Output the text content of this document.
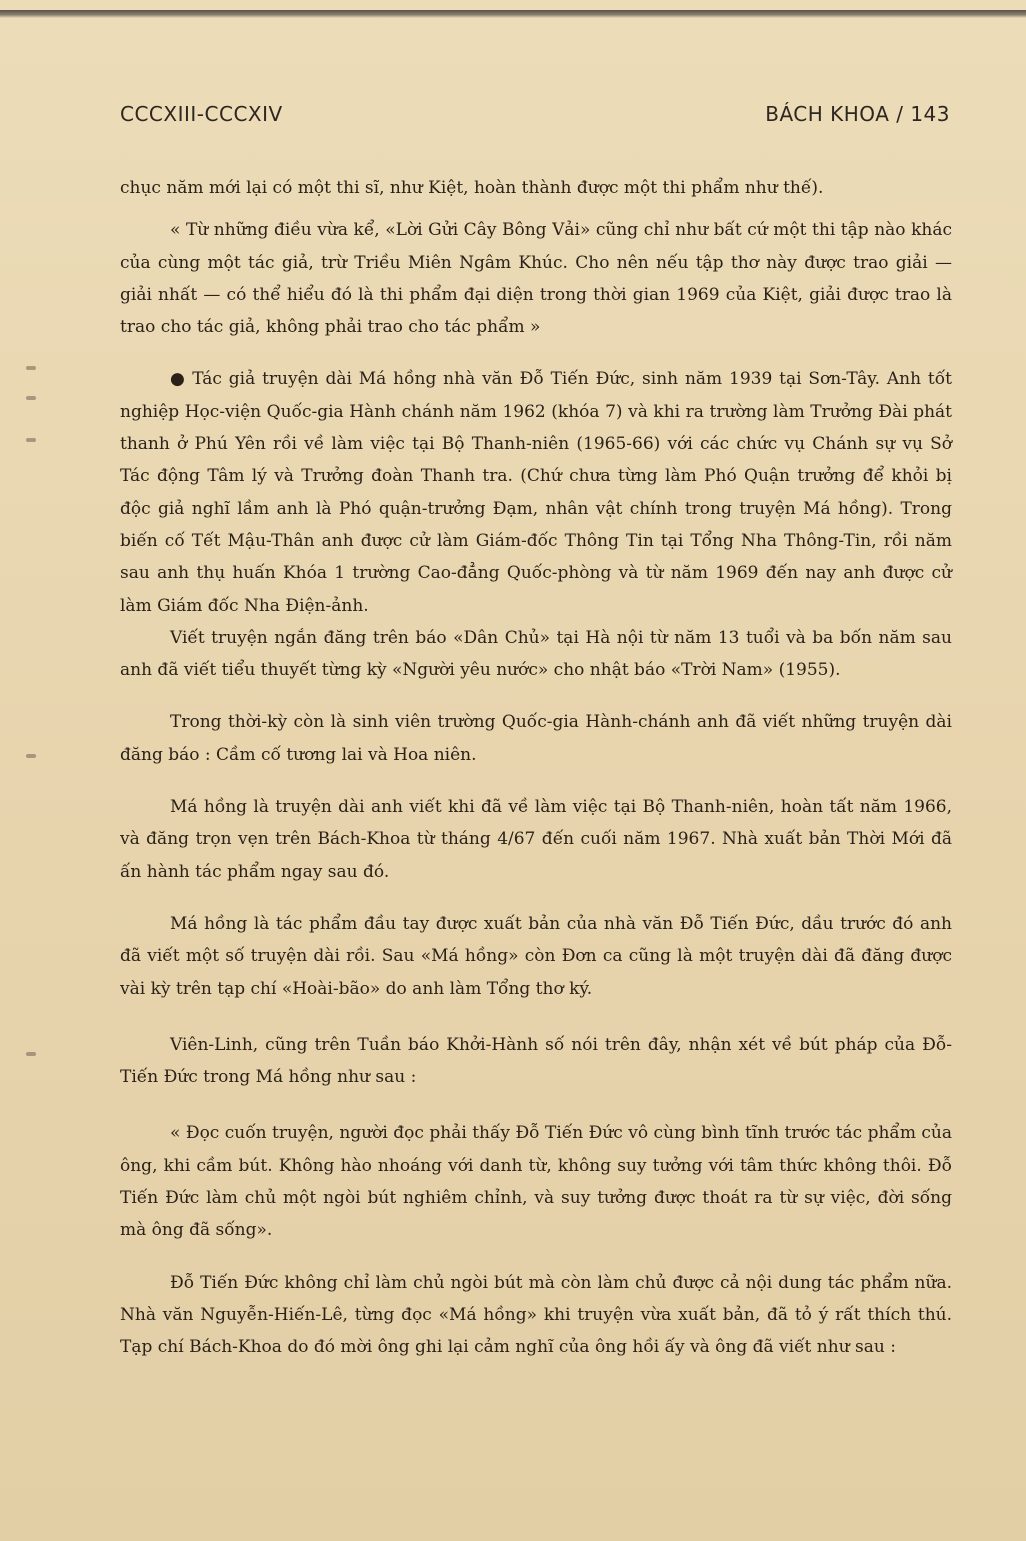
CCCXIII-CCCXIV	BÁCH KHOA / 143

chục năm mới lại có một thi sĩ, như Kiệt, hoàn thành được một thi phẩm như thế).

« Từ những điều vừa kể, «Lời Gửi Cây Bông Vải» cũng chỉ như bất cứ một thi tập nào khác của cùng một tác giả, trừ Triều Miên Ngâm Khúc. Cho nên nếu tập thơ này được trao giải — giải nhất — có thể hiểu đó là thi phẩm đại diện trong thời gian 1969 của Kiệt, giải được trao là trao cho tác giả, không phải trao cho tác phẩm »

● Tác giả truyện dài Má hồng nhà văn Đỗ Tiến Đức, sinh năm 1939 tại Sơn-Tây. Anh tốt nghiệp Học-viện Quốc-gia Hành chánh năm 1962 (khóa 7) và khi ra trường làm Trưởng Đài phát thanh ở Phú Yên rồi về làm việc tại Bộ Thanh-niên (1965-66) với các chức vụ Chánh sự vụ Sở Tác động Tâm lý và Trưởng đoàn Thanh tra. (Chứ chưa từng làm Phó Quận trưởng để khỏi bị độc giả nghĩ lầm anh là Phó quận-trưởng Đạm, nhân vật chính trong truyện Má hồng). Trong biến cố Tết Mậu-Thân anh được cử làm Giám-đốc Thông Tin tại Tổng Nha Thông-Tin, rồi năm sau anh thụ huấn Khóa 1 trường Cao-đẳng Quốc-phòng và từ năm 1969 đến nay anh được cử làm Giám đốc Nha Điện-ảnh.

Viết truyện ngắn đăng trên báo «Dân Chủ» tại Hà nội từ năm 13 tuổi và ba bốn năm sau anh đã viết tiểu thuyết từng kỳ «Người yêu nước» cho nhật báo «Trời Nam» (1955).

Trong thời-kỳ còn là sinh viên trường Quốc-gia Hành-chánh anh đã viết những truyện dài đăng báo : Cầm cố tương lai và Hoa niên.

Má hồng là truyện dài anh viết khi đã về làm việc tại Bộ Thanh-niên, hoàn tất năm 1966, và đăng trọn vẹn trên Bách-Khoa từ tháng 4/67 đến cuối năm 1967. Nhà xuất bản Thời Mới đã ấn hành tác phẩm ngay sau đó.

Má hồng là tác phẩm đầu tay được xuất bản của nhà văn Đỗ Tiến Đức, dầu trước đó anh đã viết một số truyện dài rồi. Sau «Má hồng» còn Đơn ca cũng là một truyện dài đã đăng được vài kỳ trên tạp chí «Hoài-bão» do anh làm Tổng thơ ký.

Viên-Linh, cũng trên Tuần báo Khởi-Hành số nói trên đây, nhận xét về bút pháp của Đỗ-Tiến Đức trong Má hồng như sau :

« Đọc cuốn truyện, người đọc phải thấy Đỗ Tiến Đức vô cùng bình tĩnh trước tác phẩm của ông, khi cầm bút. Không hào nhoáng với danh từ, không suy tưởng với tâm thức không thôi. Đỗ Tiến Đức làm chủ một ngòi bút nghiêm chỉnh, và suy tưởng được thoát ra từ sự việc, đời sống mà ông đã sống».

Đỗ Tiến Đức không chỉ làm chủ ngòi bút mà còn làm chủ được cả nội dung tác phẩm nữa. Nhà văn Nguyễn-Hiến-Lê, từng đọc «Má hồng» khi truyện vừa xuất bản, đã tỏ ý rất thích thú. Tạp chí Bách-Khoa do đó mời ông ghi lại cảm nghĩ của ông hồi ấy và ông đã viết như sau :
